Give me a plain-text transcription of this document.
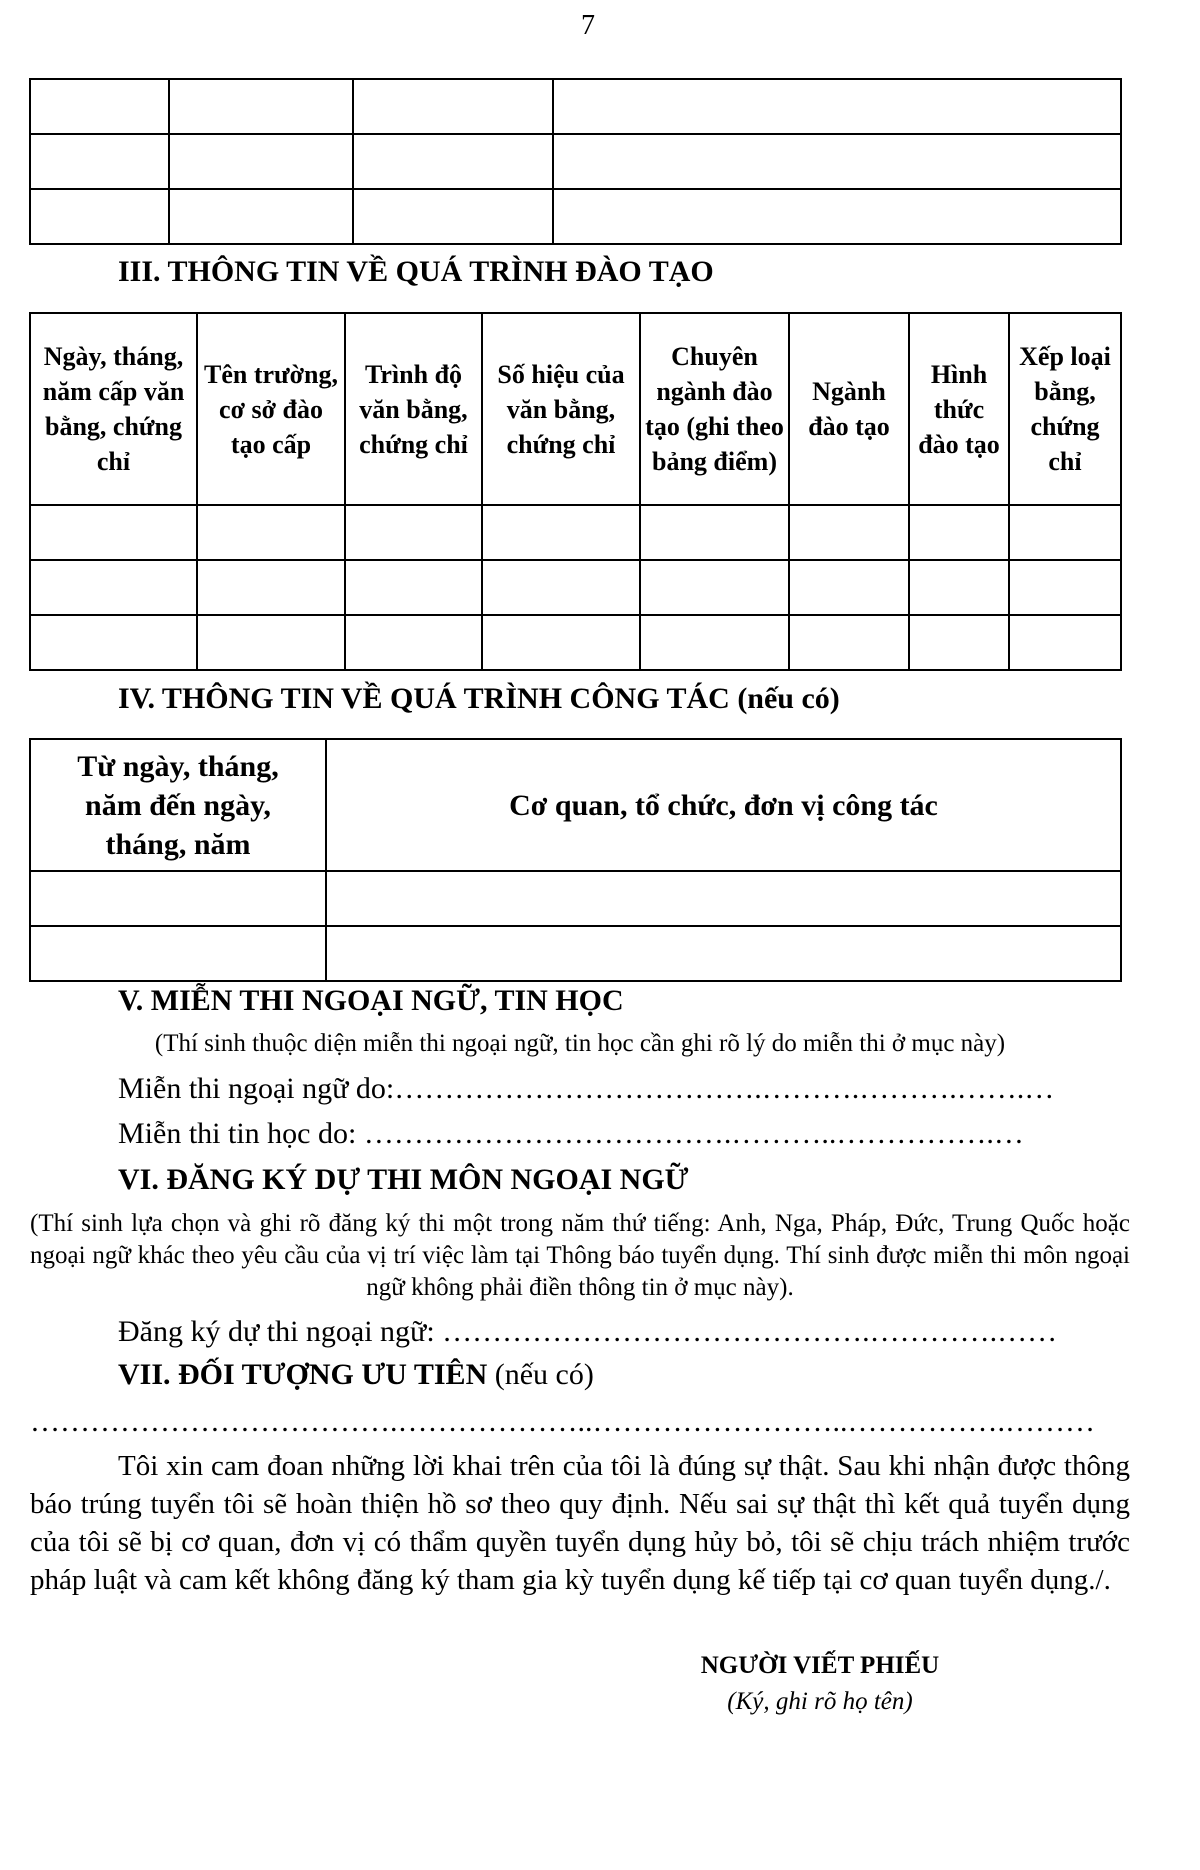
7

III. THÔNG TIN VỀ QUÁ TRÌNH ĐÀO TẠO
Ngày, tháng, năm cấp văn bằng, chứng chỉ	Tên trường, cơ sở đào tạo cấp	Trình độ văn bằng, chứng chỉ	Số hiệu của văn bằng, chứng chỉ	Chuyên ngành đào tạo (ghi theo bảng điểm)	Ngành đào tạo	Hình thức đào tạo	Xếp loại bằng, chứng chỉ

IV. THÔNG TIN VỀ QUÁ TRÌNH CÔNG TÁC (nếu có)
Từ ngày, tháng, năm đến ngày, tháng, năm	Cơ quan, tổ chức, đơn vị công tác

V. MIỄN THI NGOẠI NGỮ, TIN HỌC
(Thí sinh thuộc diện miễn thi ngoại ngữ, tin học cần ghi rõ lý do miễn thi ở mục này)
Miễn thi ngoại ngữ do:……………………………….……….……….…….…
Miễn thi tin học do: ……………………………….………..…………….…
VI. ĐĂNG KÝ DỰ THI MÔN NGOẠI NGỮ
(Thí sinh lựa chọn và ghi rõ đăng ký thi một trong năm thứ tiếng: Anh, Nga, Pháp, Đức, Trung Quốc hoặc ngoại ngữ khác theo yêu cầu của vị trí việc làm tại Thông báo tuyển dụng. Thí sinh được miễn thi môn ngoại ngữ không phải điền thông tin ở mục này).
Đăng ký dự thi ngoại ngữ: …………………………………….………….……
VII. ĐỐI TƯỢNG ƯU TIÊN (nếu có)
……………………………….………………..……………………..…………….………
Tôi xin cam đoan những lời khai trên của tôi là đúng sự thật. Sau khi nhận được thông báo trúng tuyển tôi sẽ hoàn thiện hồ sơ theo quy định. Nếu sai sự thật thì kết quả tuyển dụng của tôi sẽ bị cơ quan, đơn vị có thẩm quyền tuyển dụng hủy bỏ, tôi sẽ chịu trách nhiệm trước pháp luật và cam kết không đăng ký tham gia kỳ tuyển dụng kế tiếp tại cơ quan tuyển dụng./.
NGƯỜI VIẾT PHIẾU
(Ký, ghi rõ họ tên)
